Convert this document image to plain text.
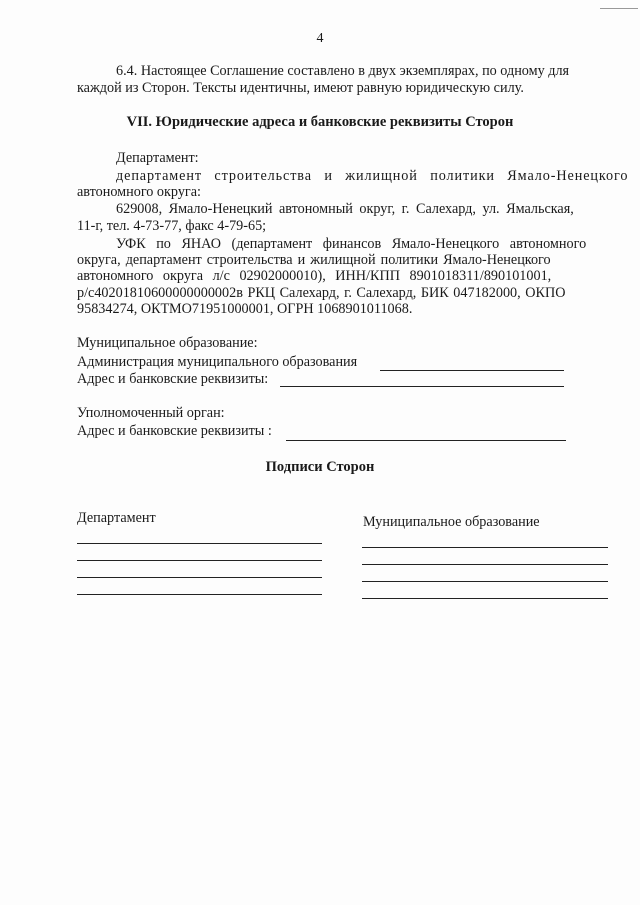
4
6.4. Настоящее Соглашение составлено в двух экземплярах, по одному для
каждой из Сторон. Тексты идентичны, имеют равную юридическую силу.
VII. Юридические адреса и банковские реквизиты Сторон
Департамент:
департамент строительства и жилищной политики Ямало-Ненецкого
автономного округа:
629008, Ямало-Ненецкий автономный округ, г. Салехард, ул. Ямальская,
11-г, тел. 4-73-77, факс 4-79-65;
УФК по ЯНАО (департамент финансов Ямало-Ненецкого автономного
округа, департамент строительства и жилищной политики Ямало-Ненецкого
автономного округа л/с 02902000010), ИНН/КПП 8901018311/890101001,
р/с40201810600000000002в РКЦ Салехард, г. Салехард, БИК 047182000, ОКПО
95834274, ОКТМО71951000001, ОГРН 1068901011068.
Муниципальное образование:
Администрация муниципального образования
Адрес и банковские реквизиты:
Уполномоченный орган:
Адрес и банковские реквизиты :
Подписи Сторон
Департамент	Муниципальное образование
